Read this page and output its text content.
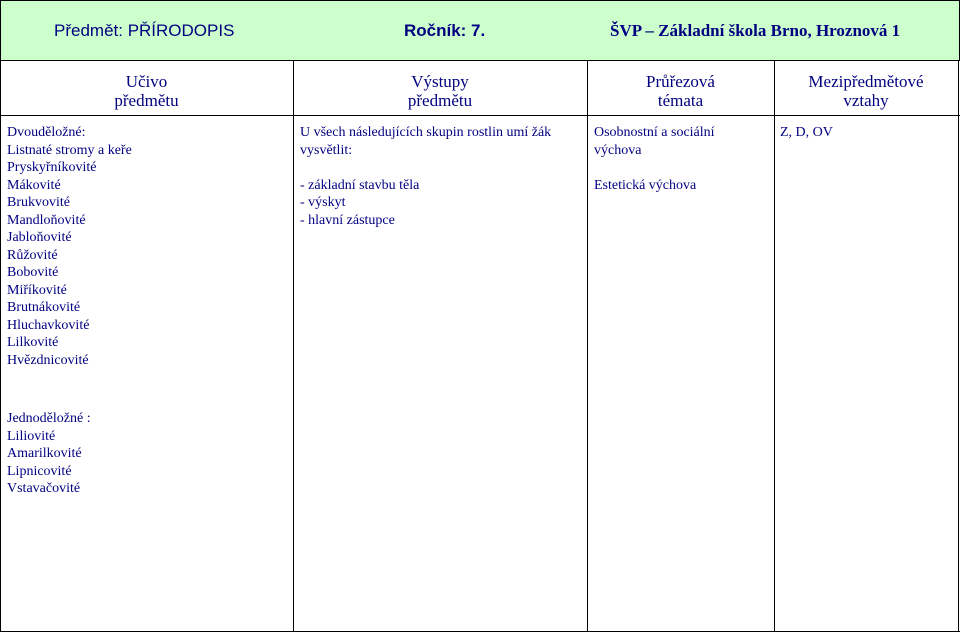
Předmět: PŘÍRODOPIS	Ročník: 7.	ŠVP – Základní škola Brno, Hroznová 1
Učivo
předmětu
Výstupy
předmětu
Průřezová
témata
Mezipředmětové
vztahy
Dvouděložné:
Listnaté stromy a keře
Pryskyřníkovité
Mákovité
Brukvovité
Mandloňovité
Jabloňovité
Růžovité
Bobovité
Miříkovité
Brutnákovité
Hluchavkovité
Lilkovité
Hvězdnicovité
Jednoděložné :
Liliovité
Amarilkovité
Lipnicovité
Vstavačovité
U všech následujících skupin rostlin umí žák
vysvětlit:
- základní stavbu těla
- výskyt
- hlavní zástupce
Osobnostní a sociální
výchova
Estetická výchova
Z, D, OV
